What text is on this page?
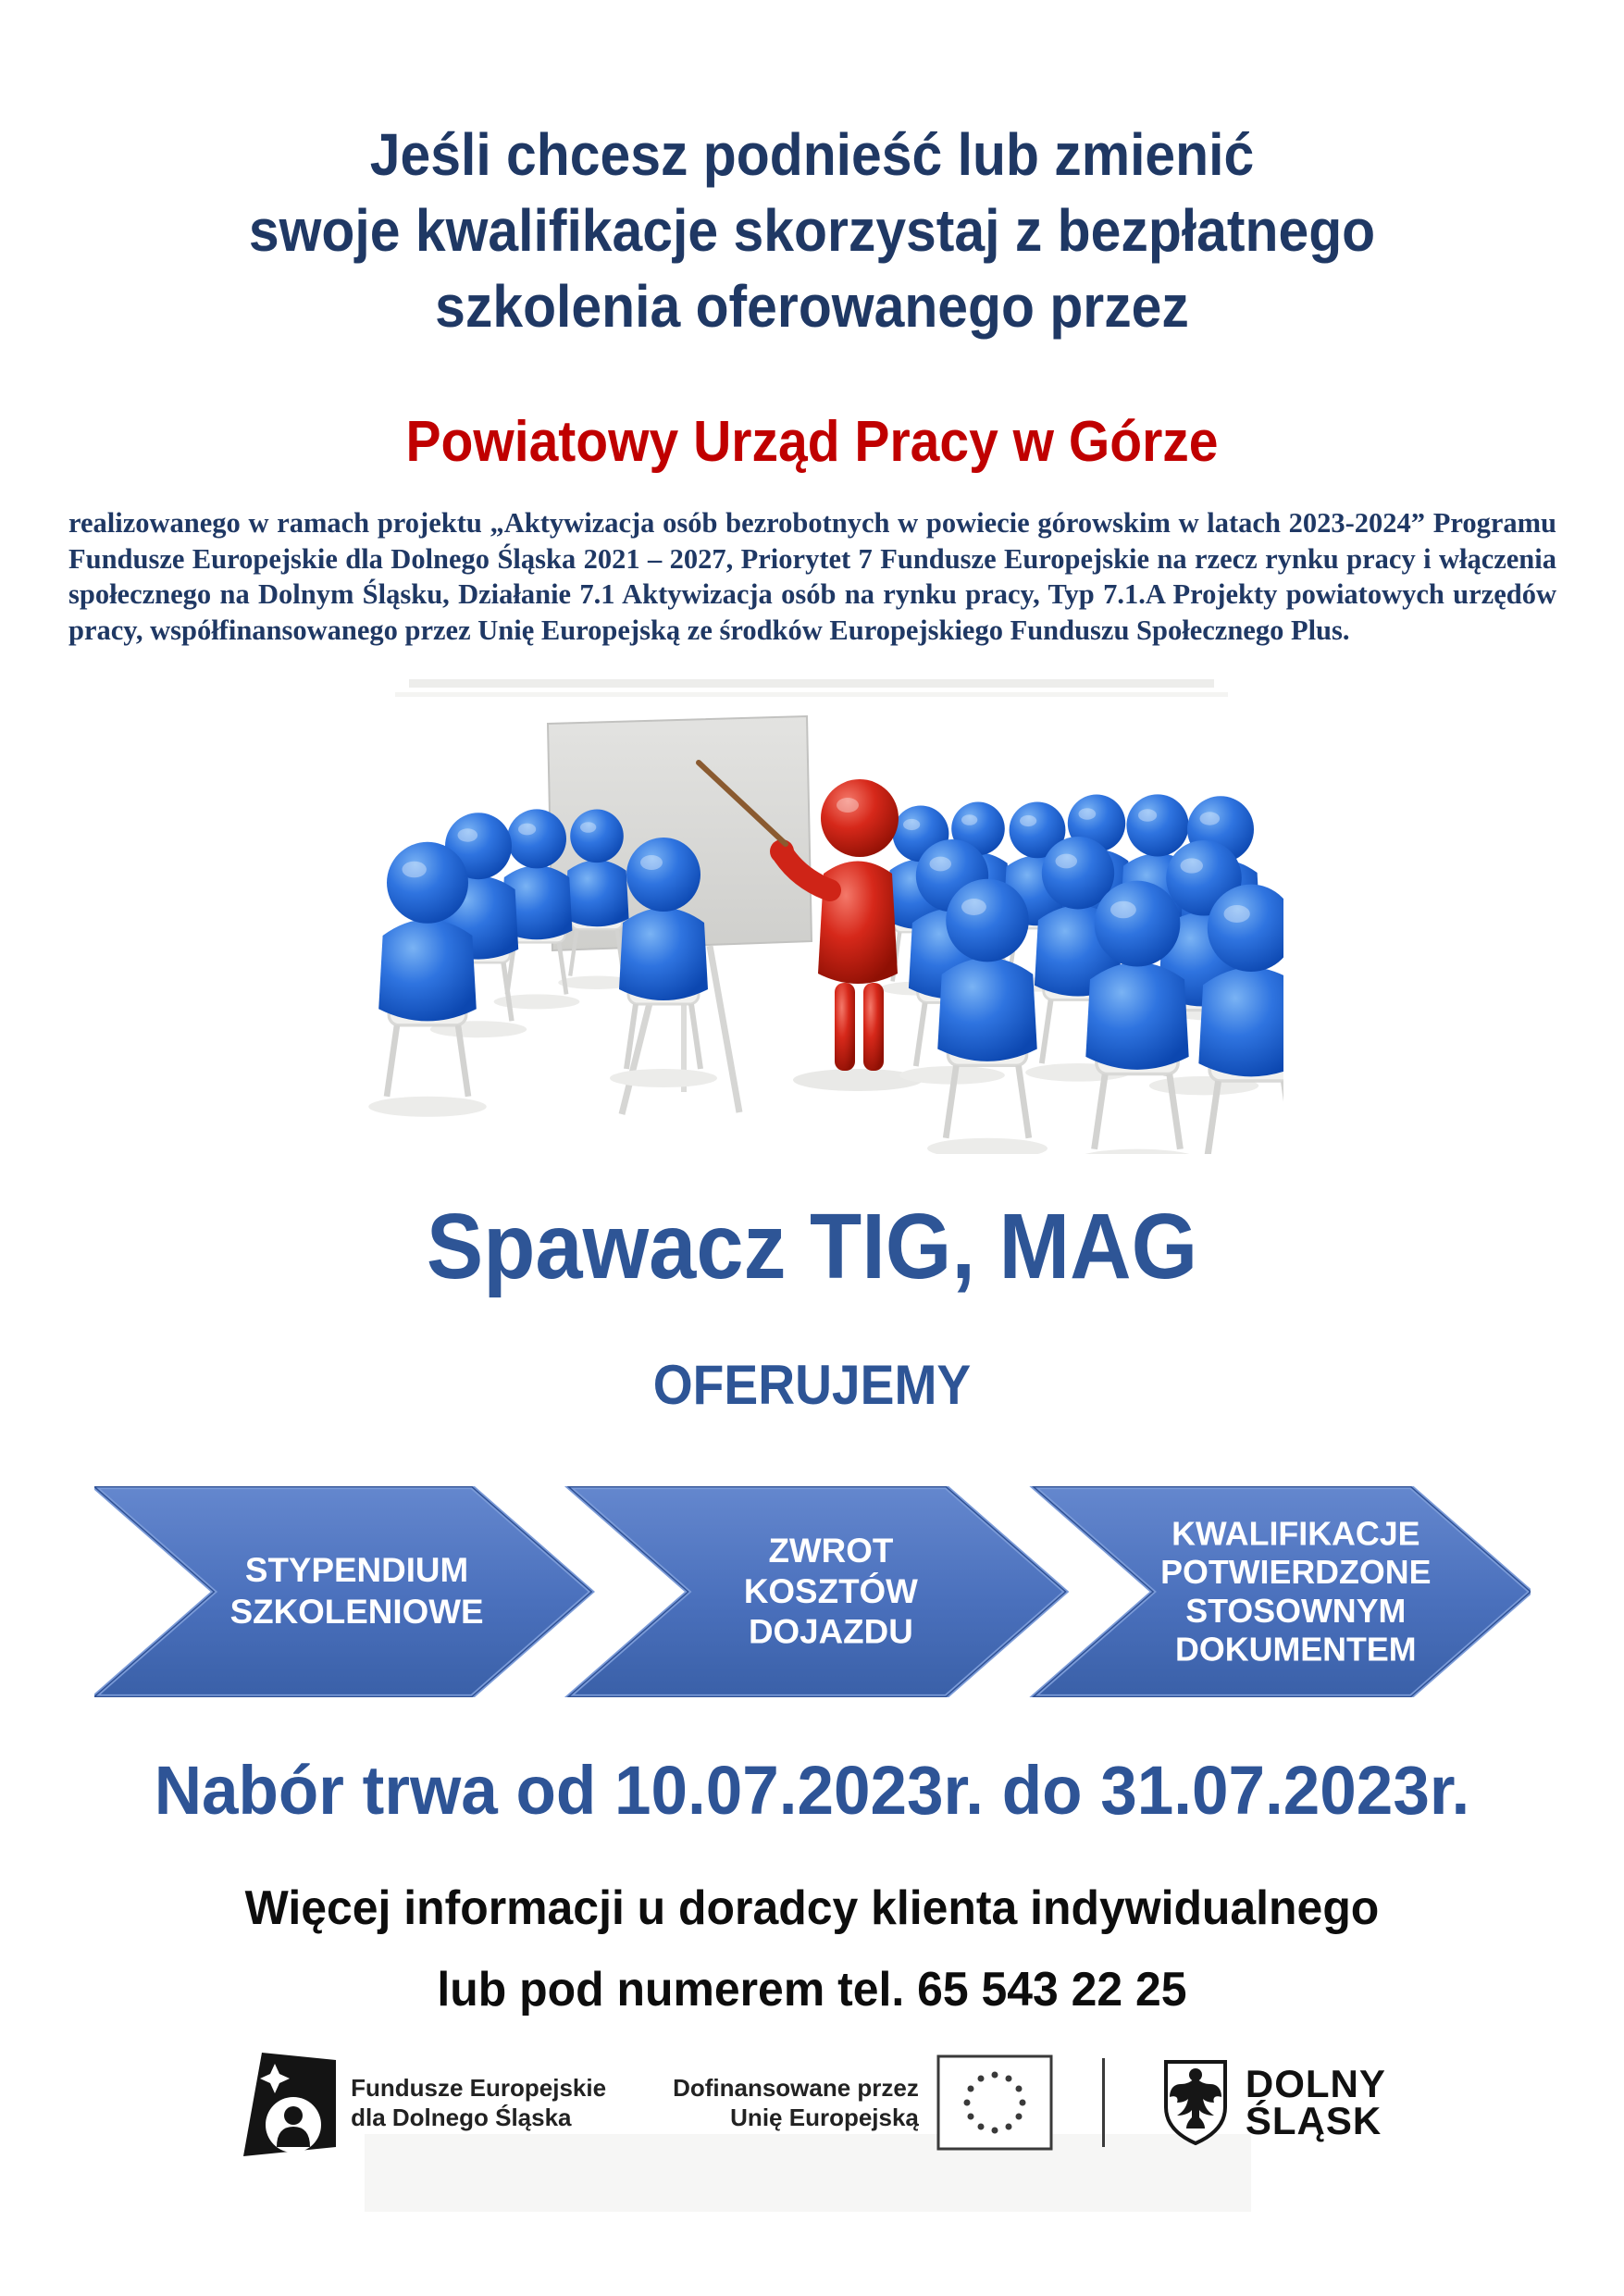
Jeśli chcesz podnieść lub zmienić
swoje kwalifikacje skorzystaj z bezpłatnego
szkolenia oferowanego przez
Powiatowy Urząd Pracy w Górze
realizowanego w ramach projektu „Aktywizacja osób bezrobotnych w powiecie górowskim w latach 2023-2024” Programu Fundusze Europejskie dla Dolnego Śląska 2021 – 2027, Priorytet 7 Fundusze Europejskie na rzecz rynku pracy i włączenia społecznego na Dolnym Śląsku, Działanie 7.1 Aktywizacja osób na rynku pracy, Typ 7.1.A Projekty powiatowych urzędów pracy, współfinansowanego przez Unię Europejską ze środków Europejskiego Funduszu Społecznego Plus.
Spawacz TIG, MAG
OFERUJEMY
STYPENDIUM
SZKOLENIOWE
ZWROT
KOSZTÓW
DOJAZDU
KWALIFIKACJE
POTWIERDZONE
STOSOWNYM
DOKUMENTEM
Nabór trwa od 10.07.2023r. do 31.07.2023r.
Więcej informacji u doradcy klienta indywidualnego
lub pod numerem tel. 65 543 22 25
Fundusze Europejskie
dla Dolnego Śląska
Dofinansowane przez
Unię Europejską
DOLNY
ŚLĄSK
